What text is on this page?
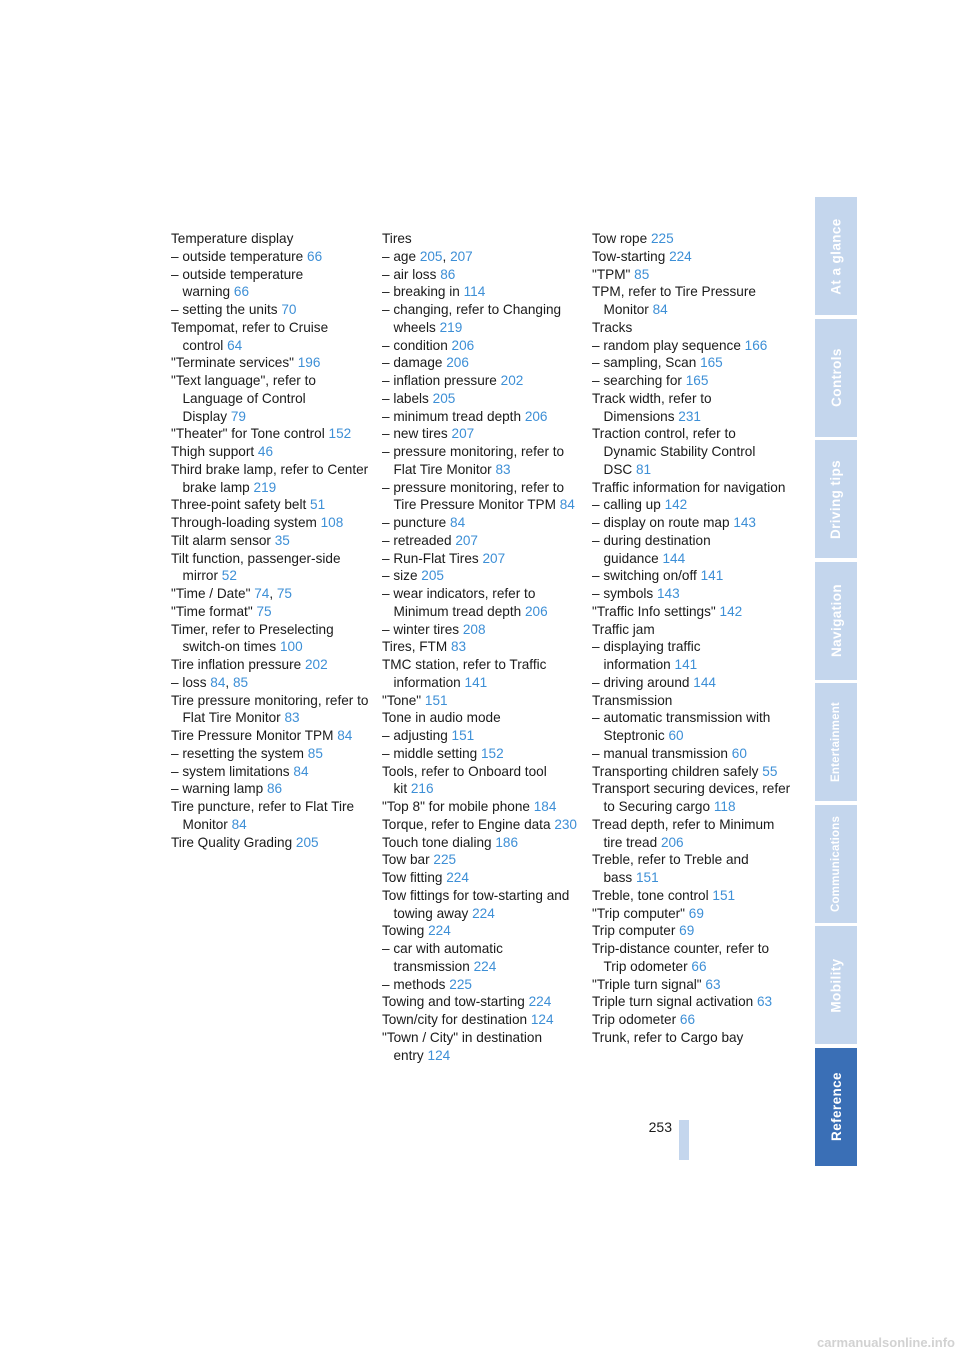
Temperature display

– outside temperature 66

– outside temperature warning 66

– setting the units 70

Tempomat, refer to Cruise control 64

"Terminate services" 196

"Text language", refer to Language of Control Display 79

"Theater" for Tone control 152

Thigh support 46

Third brake lamp, refer to Center brake lamp 219

Three-point safety belt 51

Through-loading system 108

Tilt alarm sensor 35

Tilt function, passenger-side mirror 52

"Time / Date" 74, 75

"Time format" 75

Timer, refer to Preselecting switch-on times 100

Tire inflation pressure 202

– loss 84, 85

Tire pressure monitoring, refer to Flat Tire Monitor 83

Tire Pressure Monitor TPM 84

– resetting the system 85

– system limitations 84

– warning lamp 86

Tire puncture, refer to Flat Tire Monitor 84

Tire Quality Grading 205

Tires

– age 205, 207

– air loss 86

– breaking in 114

– changing, refer to Changing wheels 219

– condition 206

– damage 206

– inflation pressure 202

– labels 205

– minimum tread depth 206

– new tires 207

– pressure monitoring, refer to Flat Tire Monitor 83

– pressure monitoring, refer to Tire Pressure Monitor TPM 84

– puncture 84

– retreaded 207

– Run-Flat Tires 207

– size 205

– wear indicators, refer to Minimum tread depth 206

– winter tires 208

Tires, FTM 83

TMC station, refer to Traffic information 141

"Tone" 151

Tone in audio mode

– adjusting 151

– middle setting 152

Tools, refer to Onboard tool kit 216

"Top 8" for mobile phone 184

Torque, refer to Engine data 230

Touch tone dialing 186

Tow bar 225

Tow fitting 224

Tow fittings for tow-starting and towing away 224

Towing 224

– car with automatic transmission 224

– methods 225

Towing and tow-starting 224

Town/city for destination 124

"Town / City" in destination entry 124

Tow rope 225

Tow-starting 224

"TPM" 85

TPM, refer to Tire Pressure Monitor 84

Tracks

– random play sequence 166

– sampling, Scan 165

– searching for 165

Track width, refer to Dimensions 231

Traction control, refer to Dynamic Stability Control DSC 81

Traffic information for navigation

– calling up 142

– display on route map 143

– during destination guidance 144

– switching on/off 141

– symbols 143

"Traffic Info settings" 142

Traffic jam

– displaying traffic information 141

– driving around 144

Transmission

– automatic transmission with Steptronic 60

– manual transmission 60

Transporting children safely 55

Transport securing devices, refer to Securing cargo 118

Tread depth, refer to Minimum tire tread 206

Treble, refer to Treble and bass 151

Treble, tone control 151

"Trip computer" 69

Trip computer 69

Trip-distance counter, refer to Trip odometer 66

"Triple turn signal" 63

Triple turn signal activation 63

Trip odometer 66

Trunk, refer to Cargo bay

253
At a glance
Controls
Driving tips
Navigation
Entertainment
Communications
Mobility
Reference
carmanualsonline.info
